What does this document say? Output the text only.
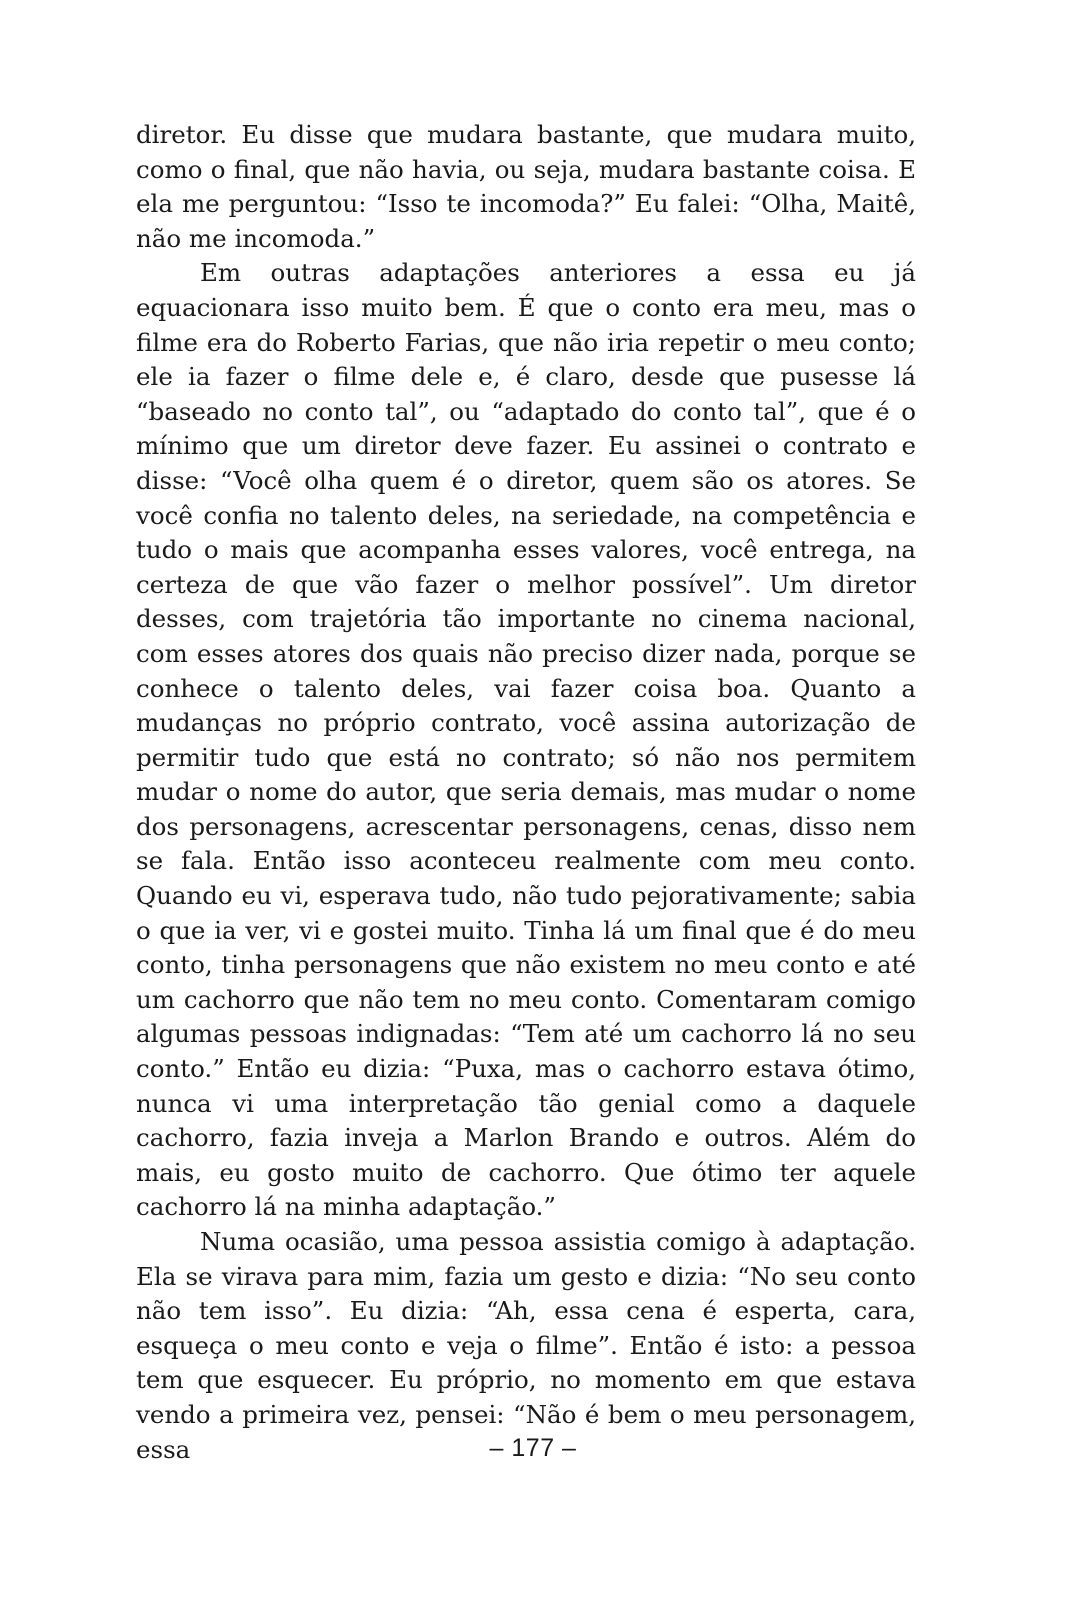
diretor. Eu disse que mudara bastante, que mudara muito, como o final, que não havia, ou seja, mudara bastante coisa. E ela me perguntou: “Isso te incomoda?” Eu falei: “Olha, Maitê, não me incomoda.”

Em outras adaptações anteriores a essa eu já equacionara isso muito bem. É que o conto era meu, mas o filme era do Roberto Farias, que não iria repetir o meu conto; ele ia fazer o filme dele e, é claro, desde que pusesse lá “baseado no conto tal”, ou “adaptado do conto tal”, que é o mínimo que um diretor deve fazer. Eu assinei o contrato e disse: “Você olha quem é o diretor, quem são os atores. Se você confia no talento deles, na seriedade, na competência e tudo o mais que acompanha esses valores, você entrega, na certeza de que vão fazer o melhor possível”. Um diretor desses, com trajetória tão importante no cinema nacional, com esses atores dos quais não preciso dizer nada, porque se conhece o talento deles, vai fazer coisa boa. Quanto a mudanças no próprio contrato, você assina autorização de permitir tudo que está no contrato; só não nos permitem mudar o nome do autor, que seria demais, mas mudar o nome dos personagens, acrescentar personagens, cenas, disso nem se fala. Então isso aconteceu realmente com meu conto. Quando eu vi, esperava tudo, não tudo pejorativamente; sabia o que ia ver, vi e gostei muito. Tinha lá um final que é do meu conto, tinha personagens que não existem no meu conto e até um cachorro que não tem no meu conto. Comentaram comigo algumas pessoas indignadas: “Tem até um cachorro lá no seu conto.” Então eu dizia: “Puxa, mas o cachorro estava ótimo, nunca vi uma interpretação tão genial como a daquele cachorro, fazia inveja a Marlon Brando e outros. Além do mais, eu gosto muito de cachorro. Que ótimo ter aquele cachorro lá na minha adaptação.”

Numa ocasião, uma pessoa assistia comigo à adaptação. Ela se virava para mim, fazia um gesto e dizia: “No seu conto não tem isso”. Eu dizia: “Ah, essa cena é esperta, cara, esqueça o meu conto e veja o filme”. Então é isto: a pessoa tem que esquecer. Eu próprio, no momento em que estava vendo a primeira vez, pensei: “Não é bem o meu personagem, essa	– 177 –
